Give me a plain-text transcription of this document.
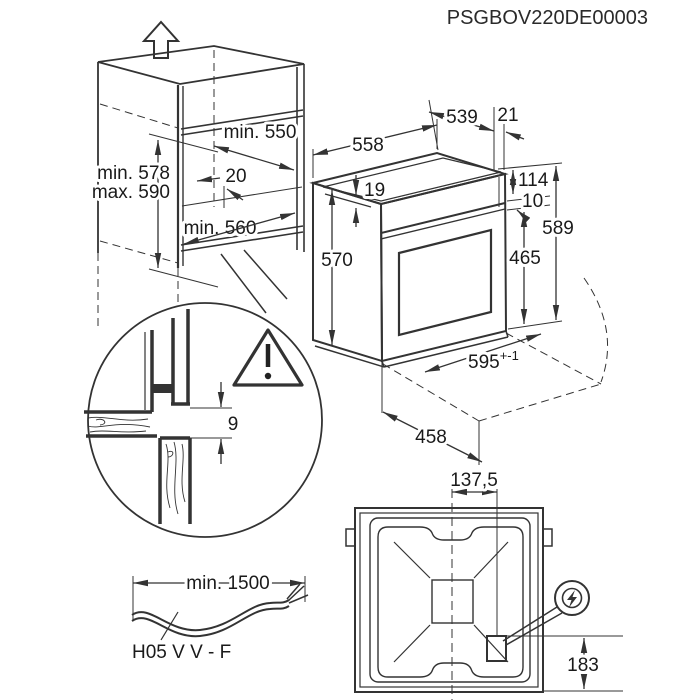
PSGBOV220DE00003
min. 578
max. 590
min. 550
20
min. 560
9
558
539 21
19
570
114
10
465
589
$595^{+-1}$
458
137,5
183
min. 1500
H05 V V - F
